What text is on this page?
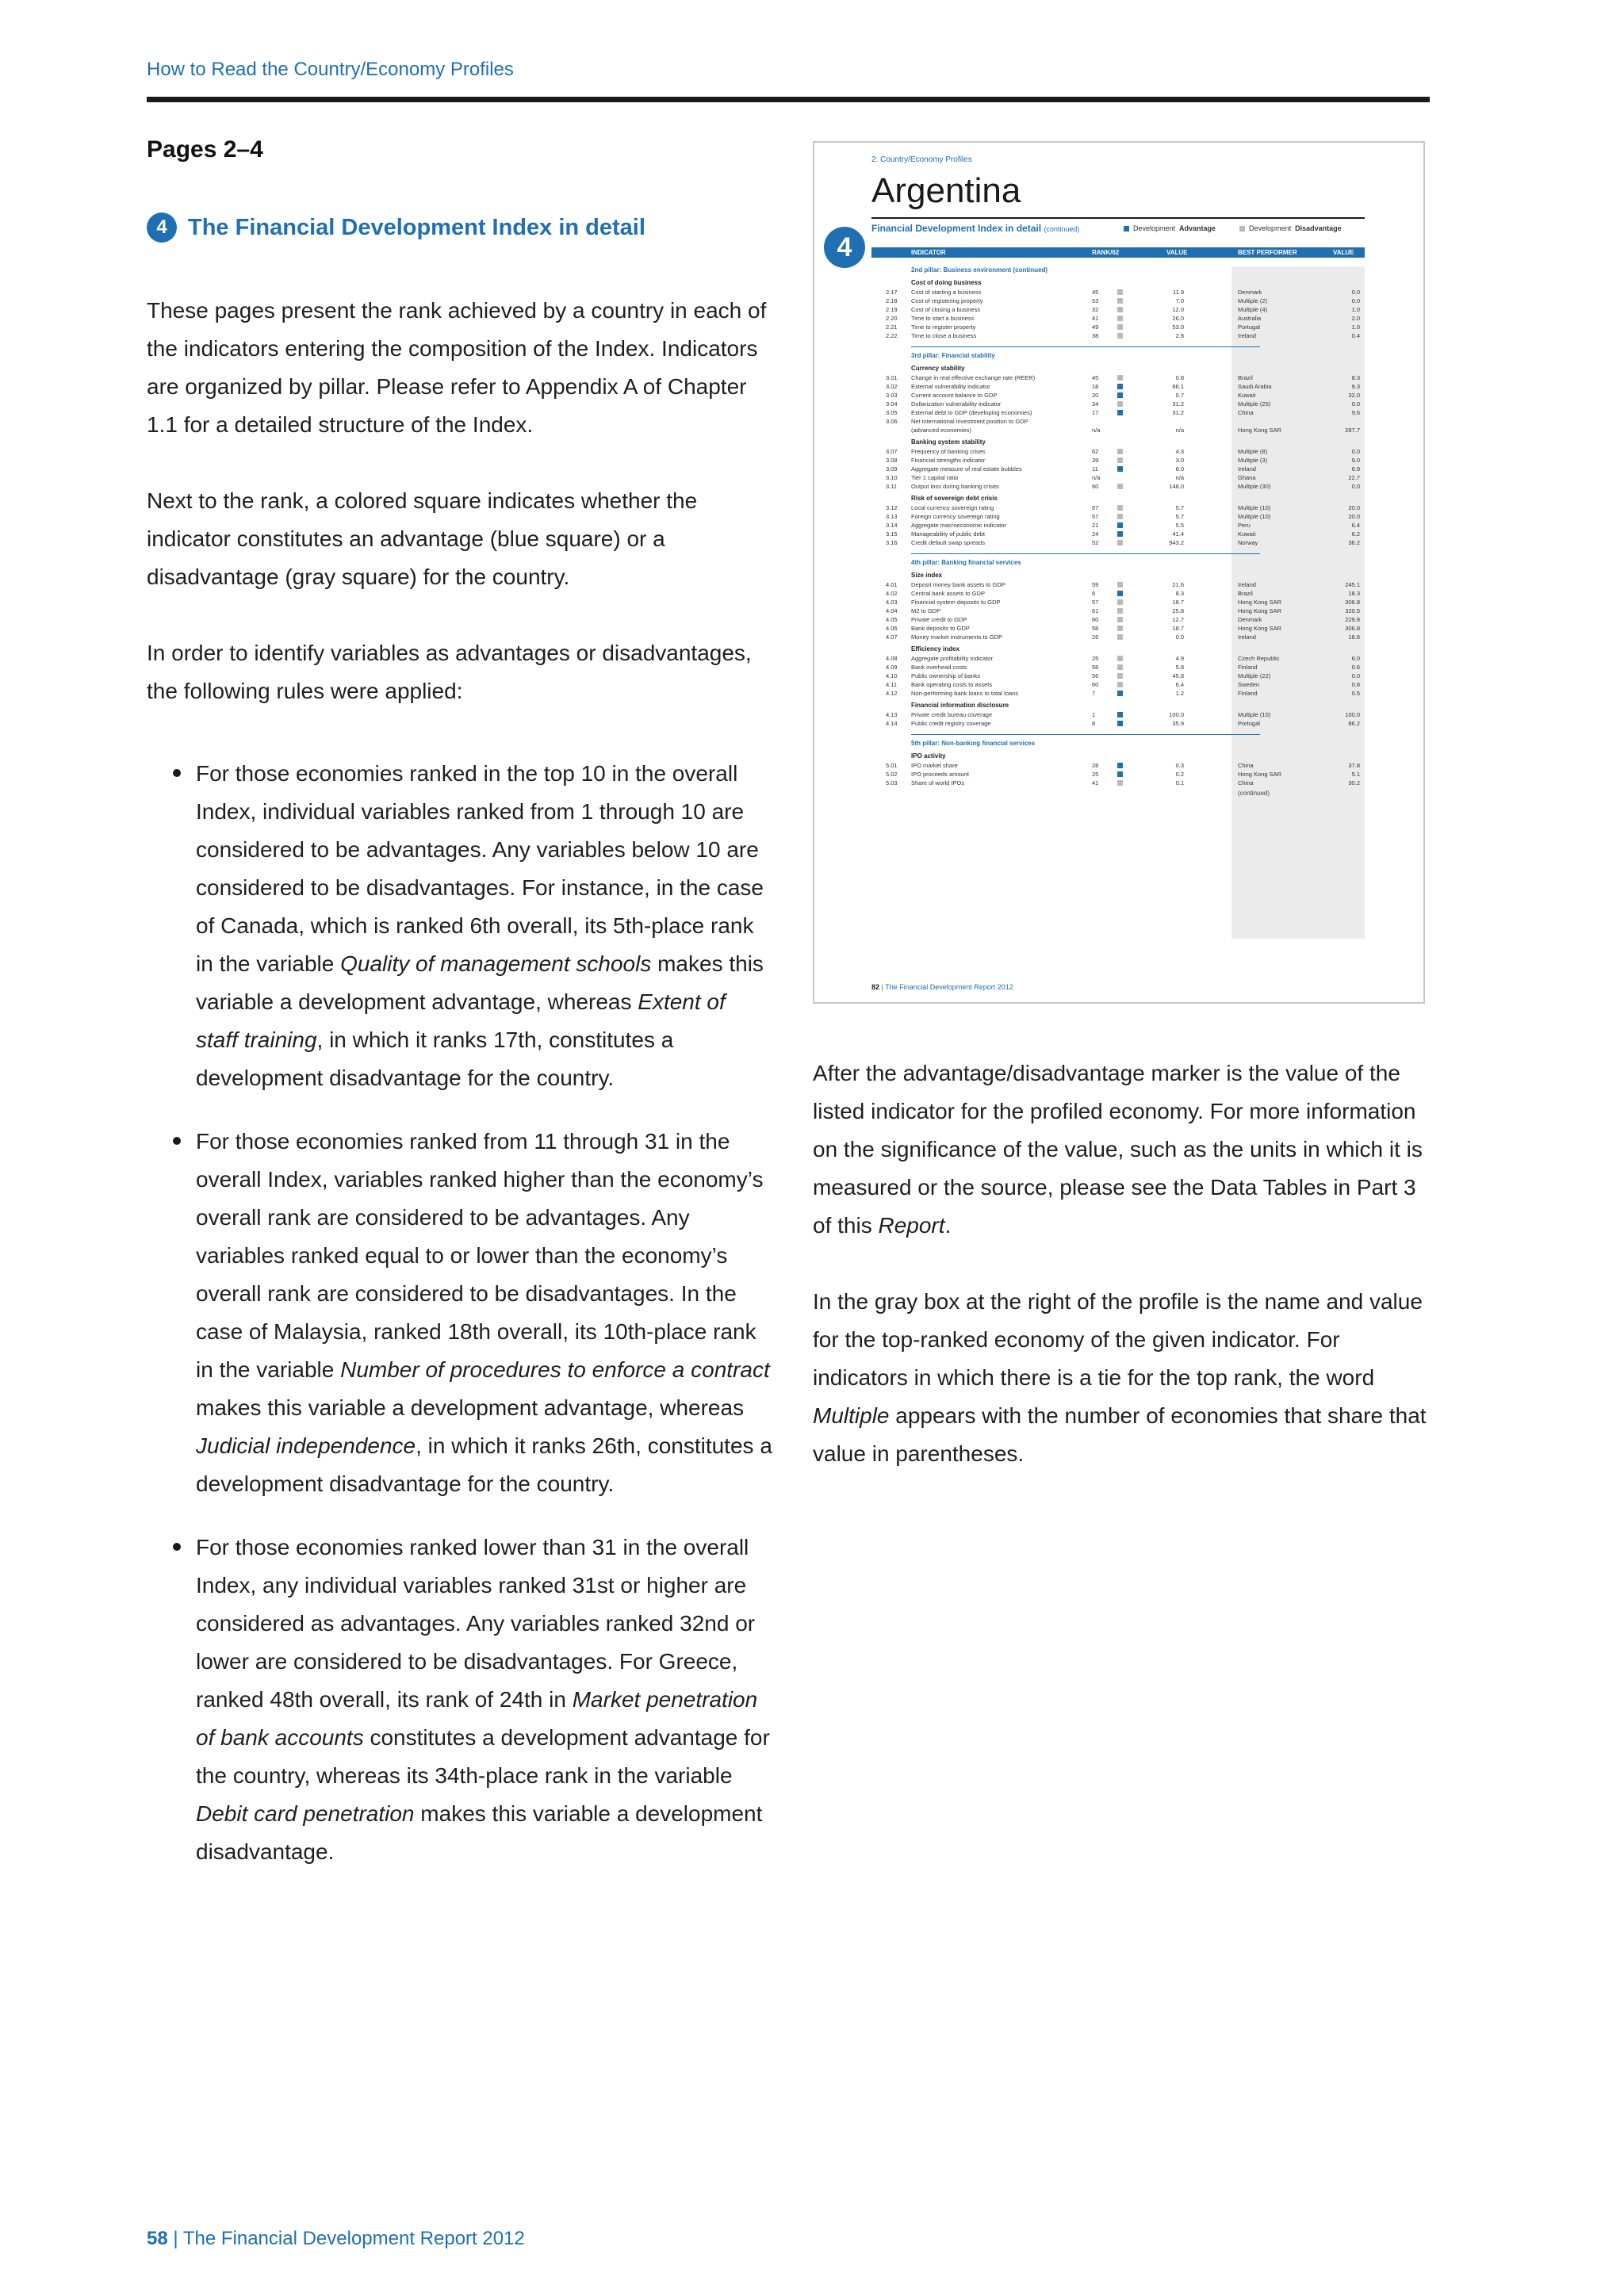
How to Read the Country/Economy Profiles
Pages 2–4
4 The Financial Development Index in detail

These pages present the rank achieved by a country in each of the indicators entering the composition of the Index. Indicators are organized by pillar. Please refer to Appendix A of Chapter 1.1 for a detailed structure of the Index.

Next to the rank, a colored square indicates whether the indicator constitutes an advantage (blue square) or a disadvantage (gray square) for the country.

In order to identify variables as advantages or disadvantages, the following rules were applied:

For those economies ranked in the top 10 in the overall Index, individual variables ranked from 1 through 10 are considered to be advantages. Any variables below 10 are considered to be disadvantages. For instance, in the case of Canada, which is ranked 6th overall, its 5th-place rank in the variable Quality of management schools makes this variable a development advantage, whereas Extent of staff training, in which it ranks 17th, constitutes a development disadvantage for the country.
For those economies ranked from 11 through 31 in the overall Index, variables ranked higher than the economy’s overall rank are considered to be advantages. Any variables ranked equal to or lower than the economy’s overall rank are considered to be disadvantages. In the case of Malaysia, ranked 18th overall, its 10th-place rank in the variable Number of procedures to enforce a contract makes this variable a development advantage, whereas Judicial independence, in which it ranks 26th, constitutes a development disadvantage for the country.
For those economies ranked lower than 31 in the overall Index, any individual variables ranked 31st or higher are considered as advantages. Any variables ranked 32nd or lower are considered to be disadvantages. For Greece, ranked 48th overall, its rank of 24th in Market penetration of bank accounts constitutes a development advantage for the country, whereas its 34th-place rank in the variable Debit card penetration makes this variable a development disadvantage.
2: Country/Economy Profiles
Argentina
Financial Development Index in detail (continued)	Development Advantage	Development Disadvantage
4	INDICATOR	RANK/62	VALUE	BEST PERFORMER	VALUE
2nd pillar: Business environment (continued)
Cost of doing business
2.17 Cost of starting a business	45	11.9	Denmark	0.0
2.18 Cost of registering property	53	7.0	Multiple (2)	0.0
2.19 Cost of closing a business	32	12.0	Multiple (4)	1.0
2.20 Time to start a business	41	26.0	Australia	2.0
2.21 Time to register property	49	53.0	Portugal	1.0
2.22 Time to close a business	38	2.8	Ireland	0.4
3rd pillar: Financial stability
Currency stability
3.01 Change in real effective exchange rate (REER)	45	0.8	Brazil	8.3
3.02 External vulnerability indicator	18	66.1	Saudi Arabia	9.3
3.03 Current account balance to GDP	20	0.7	Kuwait	32.0
3.04 Dollarization vulnerability indicator	34	31.2	Multiple (25)	0.0
3.05 External debt to GDP (developing economies)	17	31.2	China	9.6
3.06 Net international investment position to GDP
(advanced economies)	n/a	n/a	Hong Kong SAR	287.7
Banking system stability
3.07 Frequency of banking crises	62	4.3	Multiple (8)	0.0
3.08 Financial strengths indicator	39	3.0	Multiple (3)	9.0
3.09 Aggregate measure of real estate bubbles	11	8.0	Ireland	6.9
3.10 Tier 1 capital ratio	n/a	n/a	Ghana	22.7
3.11 Output loss during banking crises	60	148.0	Multiple (30)	0.0
Risk of sovereign debt crisis
3.12 Local currency sovereign rating	57	5.7	Multiple (10)	20.0
3.13 Foreign currency sovereign rating	57	5.7	Multiple (10)	20.0
3.14 Aggregate macroeconomic indicator	21	5.5	Peru	6.4
3.15 Manageability of public debt	24	41.4	Kuwait	6.2
3.16 Credit default swap spreads	52	943.2	Norway	36.2
4th pillar: Banking financial services
Size index
4.01 Deposit money bank assets to GDP	59	21.6	Ireland	245.1
4.02 Central bank assets to GDP	6	8.3	Brazil	18.3
4.03 Financial system deposits to GDP	57	18.7	Hong Kong SAR	306.8
4.04 M2 to GDP	61	25.8	Hong Kong SAR	320.5
4.05 Private credit to GDP	60	12.7	Denmark	229.8
4.06 Bank deposits to GDP	58	18.7	Hong Kong SAR	306.8
4.07 Money market instruments to GDP	26	0.0	Ireland	18.6
Efficiency index
4.08 Aggregate profitability indicator	25	4.9	Czech Republic	6.0
4.09 Bank overhead costs	58	5.8	Finland	0.6
4.10 Public ownership of banks	56	45.8	Multiple (22)	0.0
4.11 Bank operating costs to assets	60	6.4	Sweden	0.8
4.12 Non-performing bank loans to total loans	7	1.2	Finland	0.5
Financial information disclosure
4.13 Private credit bureau coverage	1	100.0	Multiple (10)	100.0
4.14 Public credit registry coverage	8	35.9	Portugal	86.2
5th pillar: Non-banking financial services
IPO activity
5.01 IPO market share	28	0.3	China	37.8
5.02 IPO proceeds amount	25	0.2	Hong Kong SAR	5.1
5.03 Share of world IPOs	41	0.1	China	30.2
(continued)
82 | The Financial Development Report 2012

After the advantage/disadvantage marker is the value of the listed indicator for the profiled economy. For more information on the significance of the value, such as the units in which it is measured or the source, please see the Data Tables in Part 3 of this Report.

In the gray box at the right of the profile is the name and value for the top-ranked economy of the given indicator. For indicators in which there is a tie for the top rank, the word Multiple appears with the number of economies that share that value in parentheses.

58 | The Financial Development Report 2012
